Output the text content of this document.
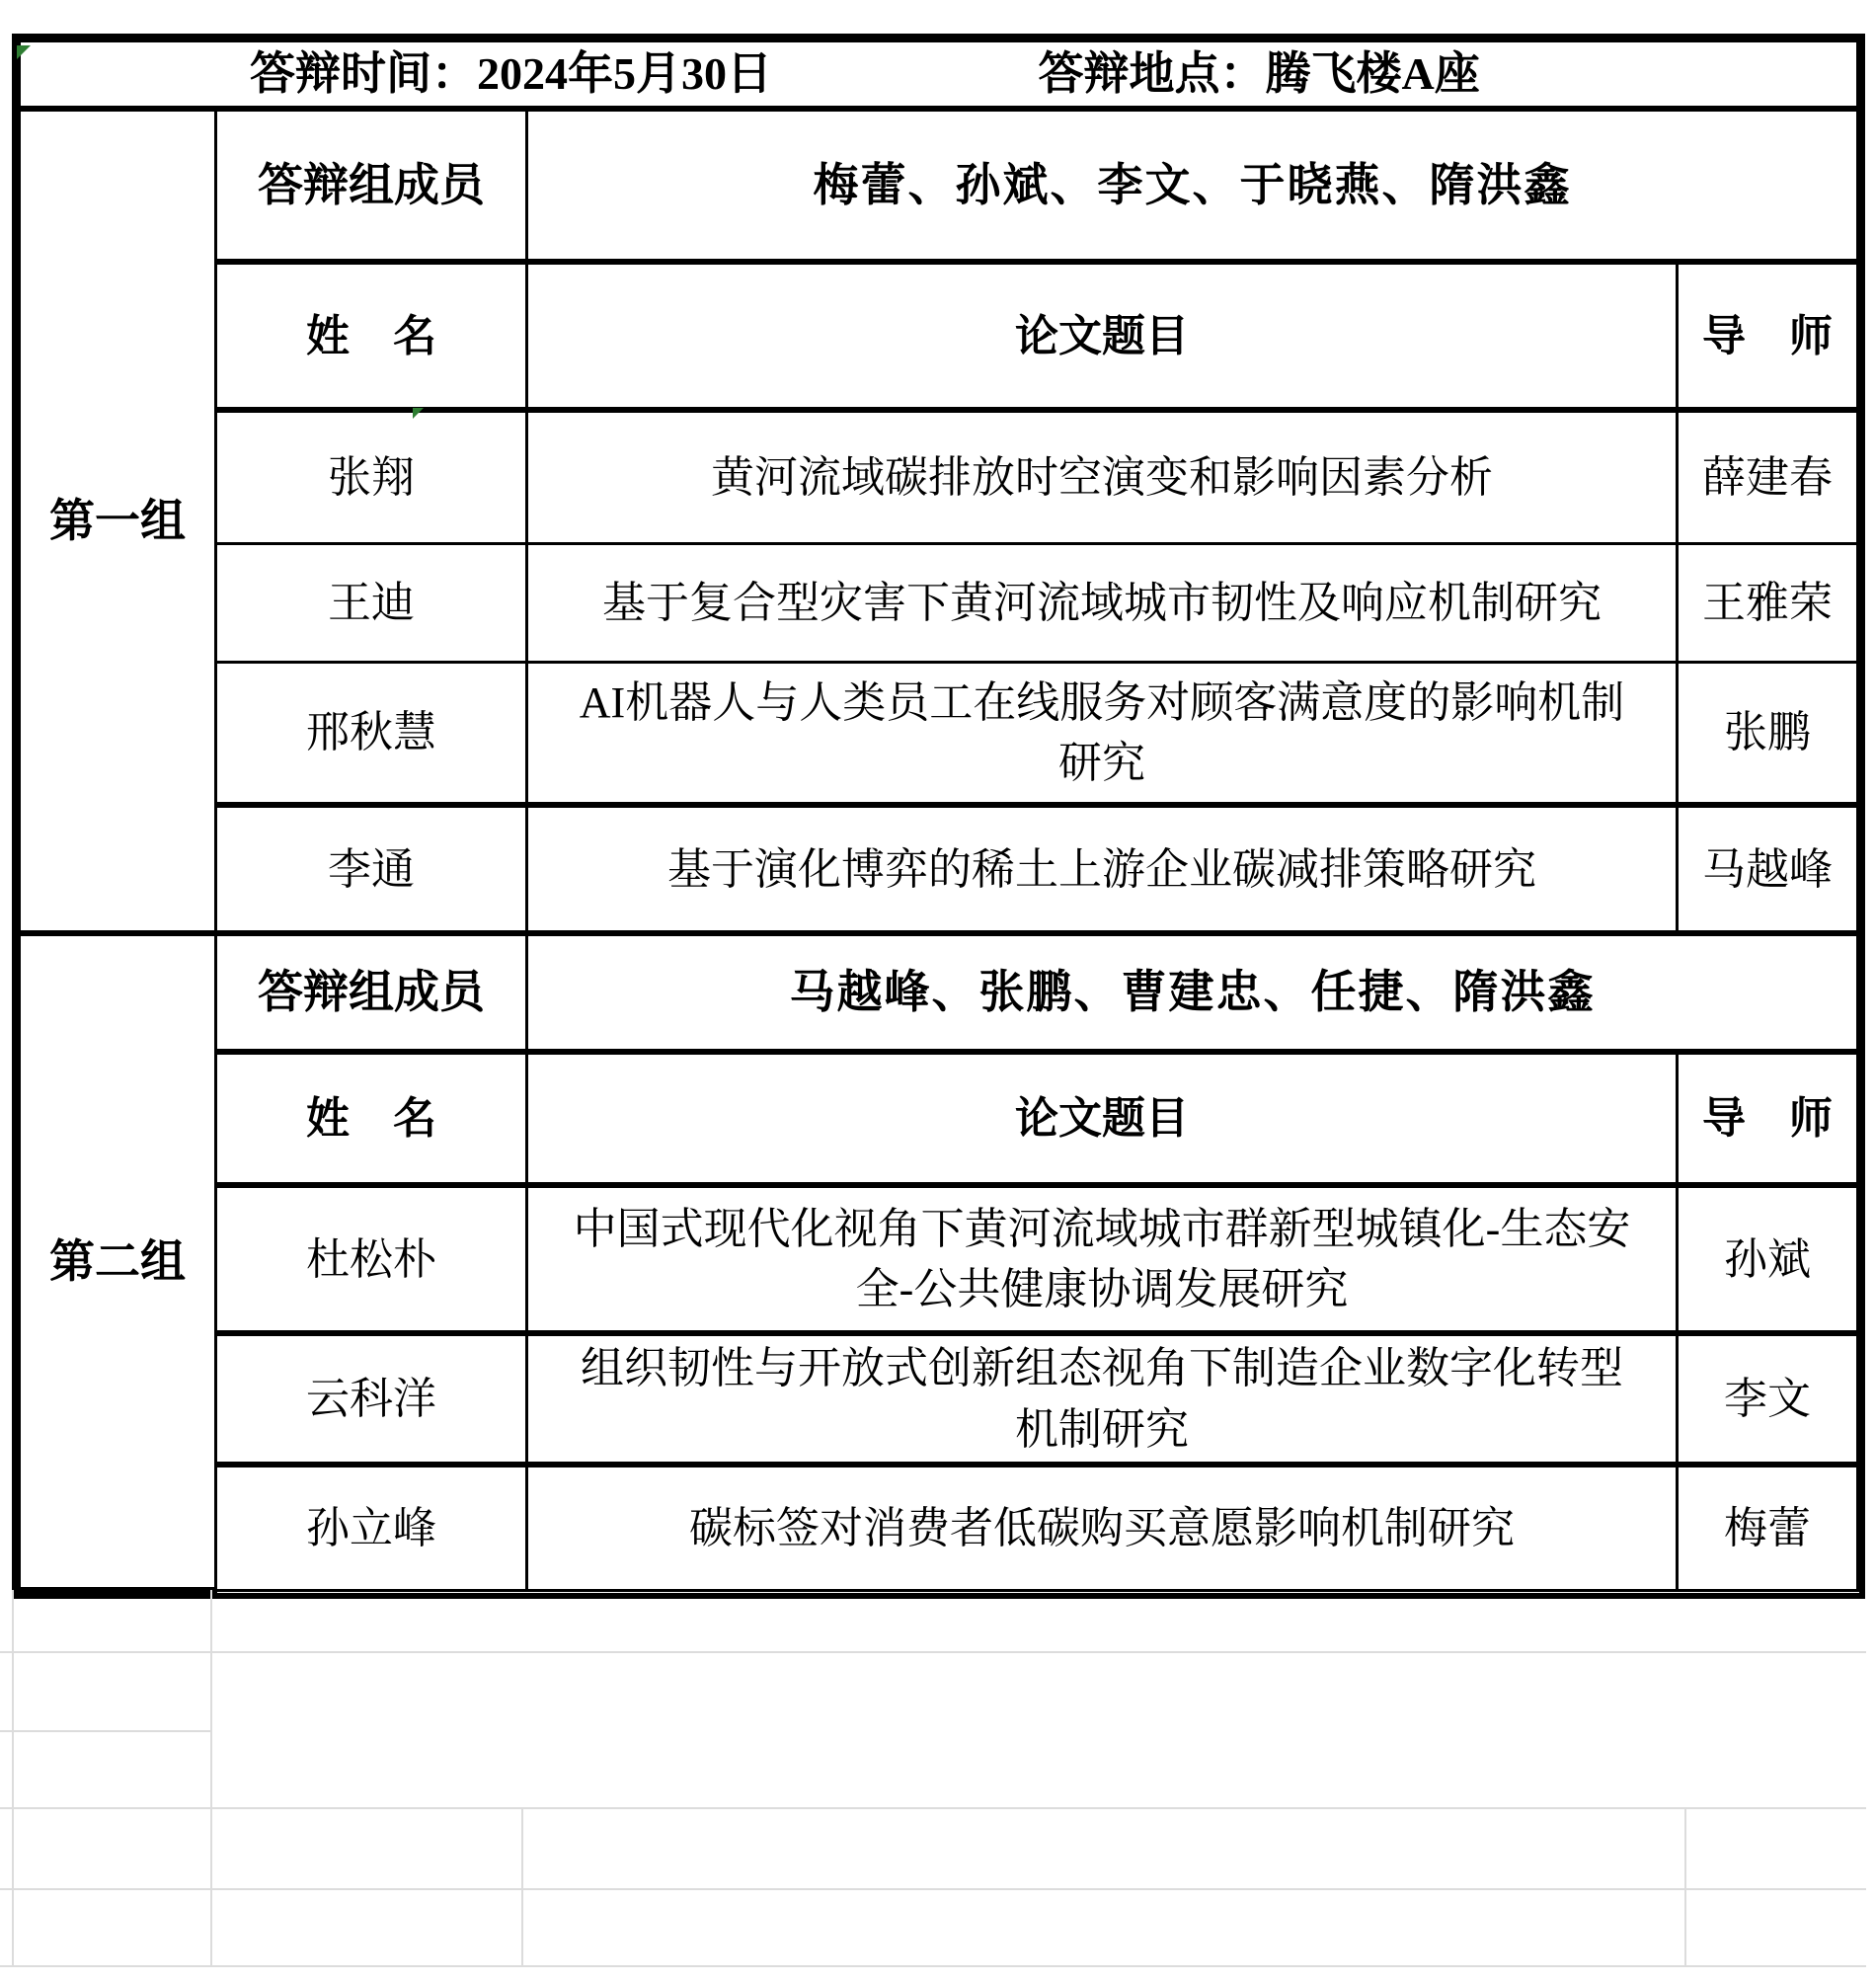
答辩时间：2024年5月30日 答辩地点：腾飞楼A座			
第一组	答辩组成员	梅蕾、孙斌、李文、于晓燕、隋洪鑫	
	姓　名	论文题目	导　师
	张翔	黄河流域碳排放时空演变和影响因素分析	薛建春
	王迪	基于复合型灾害下黄河流域城市韧性及响应机制研究	王雅荣
	邢秋慧	AI机器人与人类员工在线服务对顾客满意度的影响机制研究	张鹏
	李通	基于演化博弈的稀土上游企业碳减排策略研究	马越峰
第二组	答辩组成员	马越峰、张鹏、曹建忠、任捷、隋洪鑫	
	姓　名	论文题目	导　师
	杜松朴	中国式现代化视角下黄河流域城市群新型城镇化-生态安全-公共健康协调发展研究	孙斌
	云科洋	组织韧性与开放式创新组态视角下制造企业数字化转型机制研究	李文
	孙立峰	碳标签对消费者低碳购买意愿影响机制研究	梅蕾
